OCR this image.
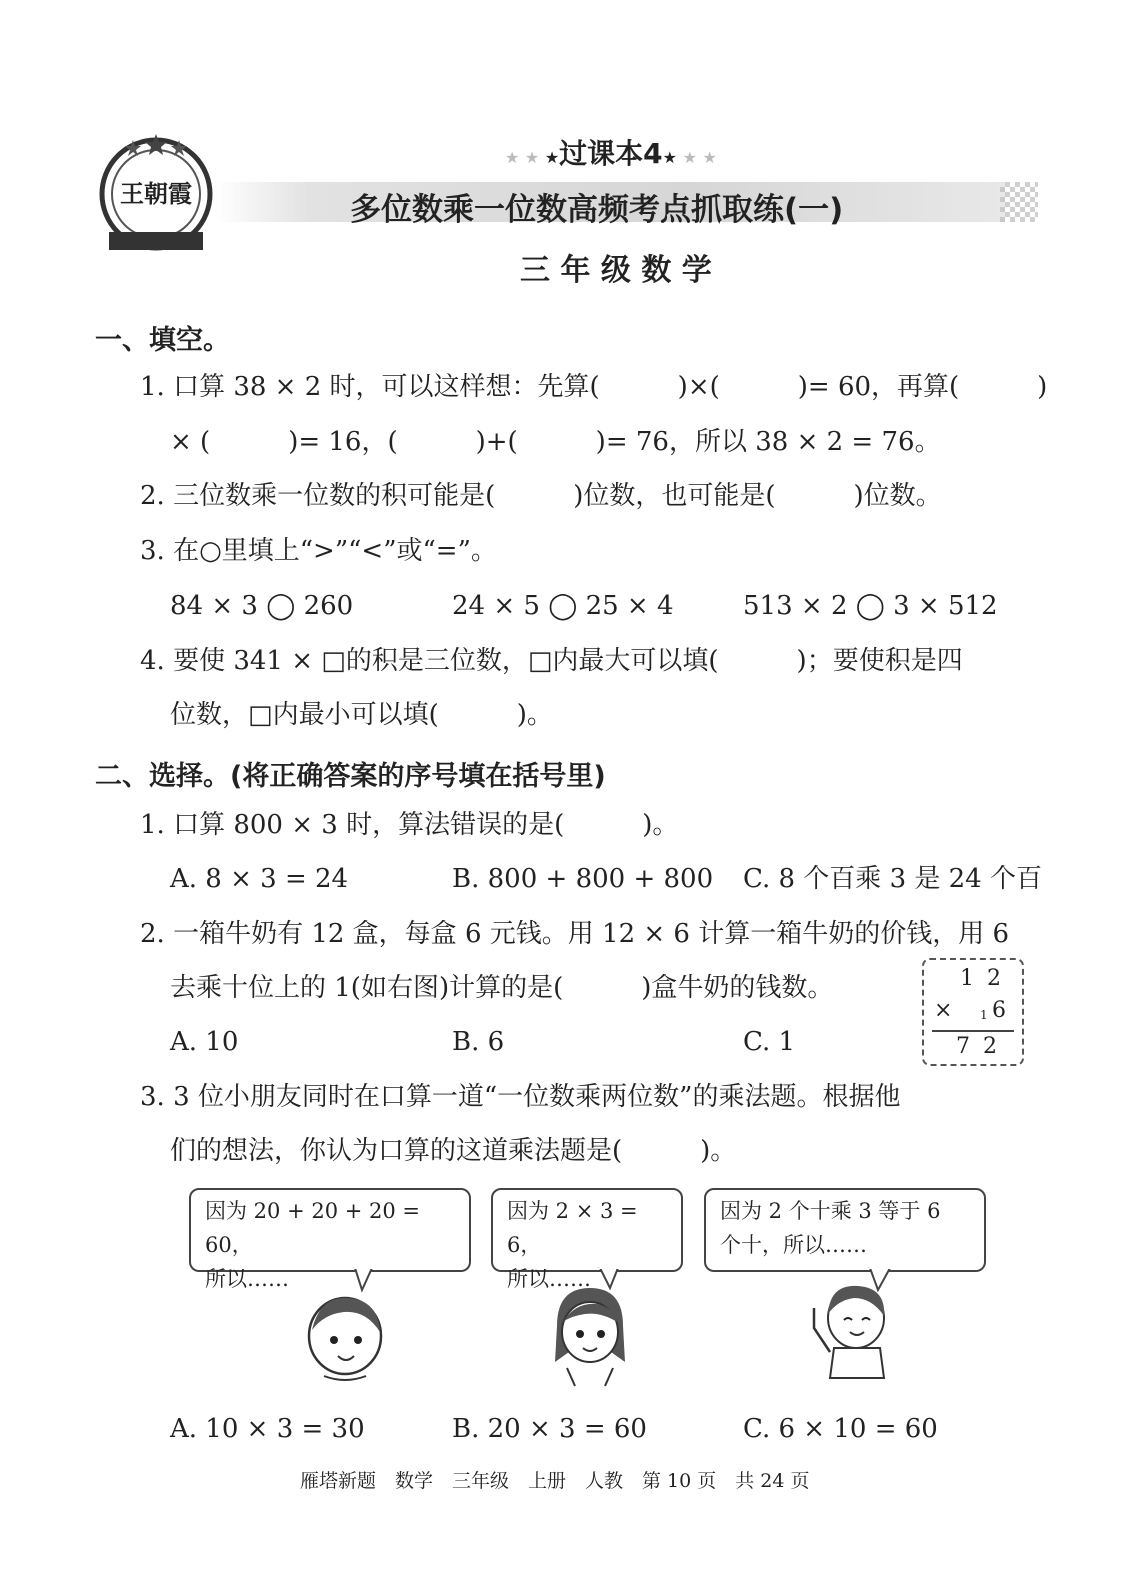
王朝霞
★ ★ ★过课本4★ ★ ★
多位数乘一位数高频考点抓取练(一)
三 年 级 数 学
一、填空。
1. 口算 38 × 2 时，可以这样想：先算(　　　)×(　　　)= 60，再算(　　　)
× (　　　)= 16，(　　　)+(　　　)= 76，所以 38 × 2 = 76。
2. 三位数乘一位数的积可能是(　　　)位数，也可能是(　　　)位数。
3. 在○里填上“>”“<”或“=”。
84 × 3 ◯ 260	24 × 5 ◯ 25 × 4	513 × 2 ◯ 3 × 512
4. 要使 341 × □的积是三位数，□内最大可以填(　　　)；要使积是四
位数，□内最小可以填(　　　)。
二、选择。(将正确答案的序号填在括号里)
1. 口算 800 × 3 时，算法错误的是(　　　)。
A. 8 × 3 = 24	B. 800 + 800 + 800 C. 8 个百乘 3 是 24 个百
2. 一箱牛奶有 12 盒，每盒 6 元钱。用 12 × 6 计算一箱牛奶的价钱，用 6
去乘十位上的 1(如右图)计算的是(　　　)盒牛奶的钱数。
A. 10	B. 6	C. 1
1 2
× 1 6
7 2
3. 3 位小朋友同时在口算一道“一位数乘两位数”的乘法题。根据他
们的想法，你认为口算的这道乘法题是(　　　)。
因为 20 + 20 + 20 = 60，
所以……
因为 2 × 3 = 6，
所以……
因为 2 个十乘 3 等于 6
个十，所以……
A. 10 × 3 = 30	B. 20 × 3 = 60	C. 6 × 10 = 60
雁塔新题　数学　三年级　上册　人教　第 10 页　共 24 页
